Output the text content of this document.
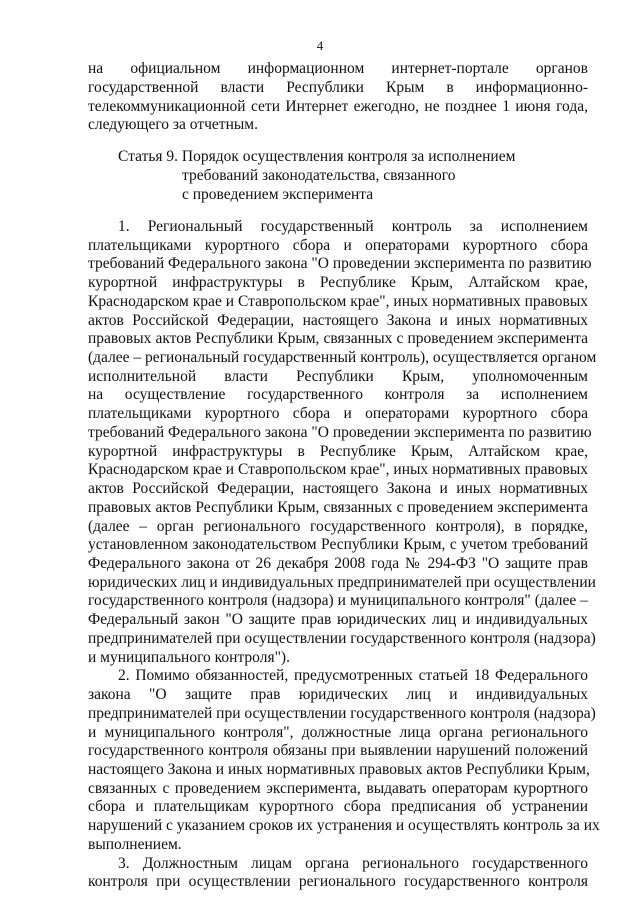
4
на официальном информационном интернет-портале органов
государственной власти Республики Крым в информационно-
телекоммуникационной сети Интернет ежегодно, не позднее 1 июня года,
следующего за отчетным.
Статья 9. Порядок осуществления контроля за исполнением
требований законодательства, связанного
с проведением эксперимента
1. Региональный государственный контроль за исполнением
плательщиками курортного сбора и операторами курортного сбора
требований Федерального закона "О проведении эксперимента по развитию
курортной инфраструктуры в Республике Крым, Алтайском крае,
Краснодарском крае и Ставропольском крае", иных нормативных правовых
актов Российской Федерации, настоящего Закона и иных нормативных
правовых актов Республики Крым, связанных с проведением эксперимента
(далее – региональный государственный контроль), осуществляется органом
исполнительной власти Республики Крым, уполномоченным
на осуществление государственного контроля за исполнением
плательщиками курортного сбора и операторами курортного сбора
требований Федерального закона "О проведении эксперимента по развитию
курортной инфраструктуры в Республике Крым, Алтайском крае,
Краснодарском крае и Ставропольском крае", иных нормативных правовых
актов Российской Федерации, настоящего Закона и иных нормативных
правовых актов Республики Крым, связанных с проведением эксперимента
(далее – орган регионального государственного контроля), в порядке,
установленном законодательством Республики Крым, с учетом требований
Федерального закона от 26 декабря 2008 года № 294-ФЗ "О защите прав
юридических лиц и индивидуальных предпринимателей при осуществлении
государственного контроля (надзора) и муниципального контроля" (далее –
Федеральный закон "О защите прав юридических лиц и индивидуальных
предпринимателей при осуществлении государственного контроля (надзора)
и муниципального контроля").
2. Помимо обязанностей, предусмотренных статьей 18 Федерального
закона "О защите прав юридических лиц и индивидуальных
предпринимателей при осуществлении государственного контроля (надзора)
и муниципального контроля", должностные лица органа регионального
государственного контроля обязаны при выявлении нарушений положений
настоящего Закона и иных нормативных правовых актов Республики Крым,
связанных с проведением эксперимента, выдавать операторам курортного
сбора и плательщикам курортного сбора предписания об устранении
нарушений с указанием сроков их устранения и осуществлять контроль за их
выполнением.
3. Должностным лицам органа регионального государственного
контроля при осуществлении регионального государственного контроля
